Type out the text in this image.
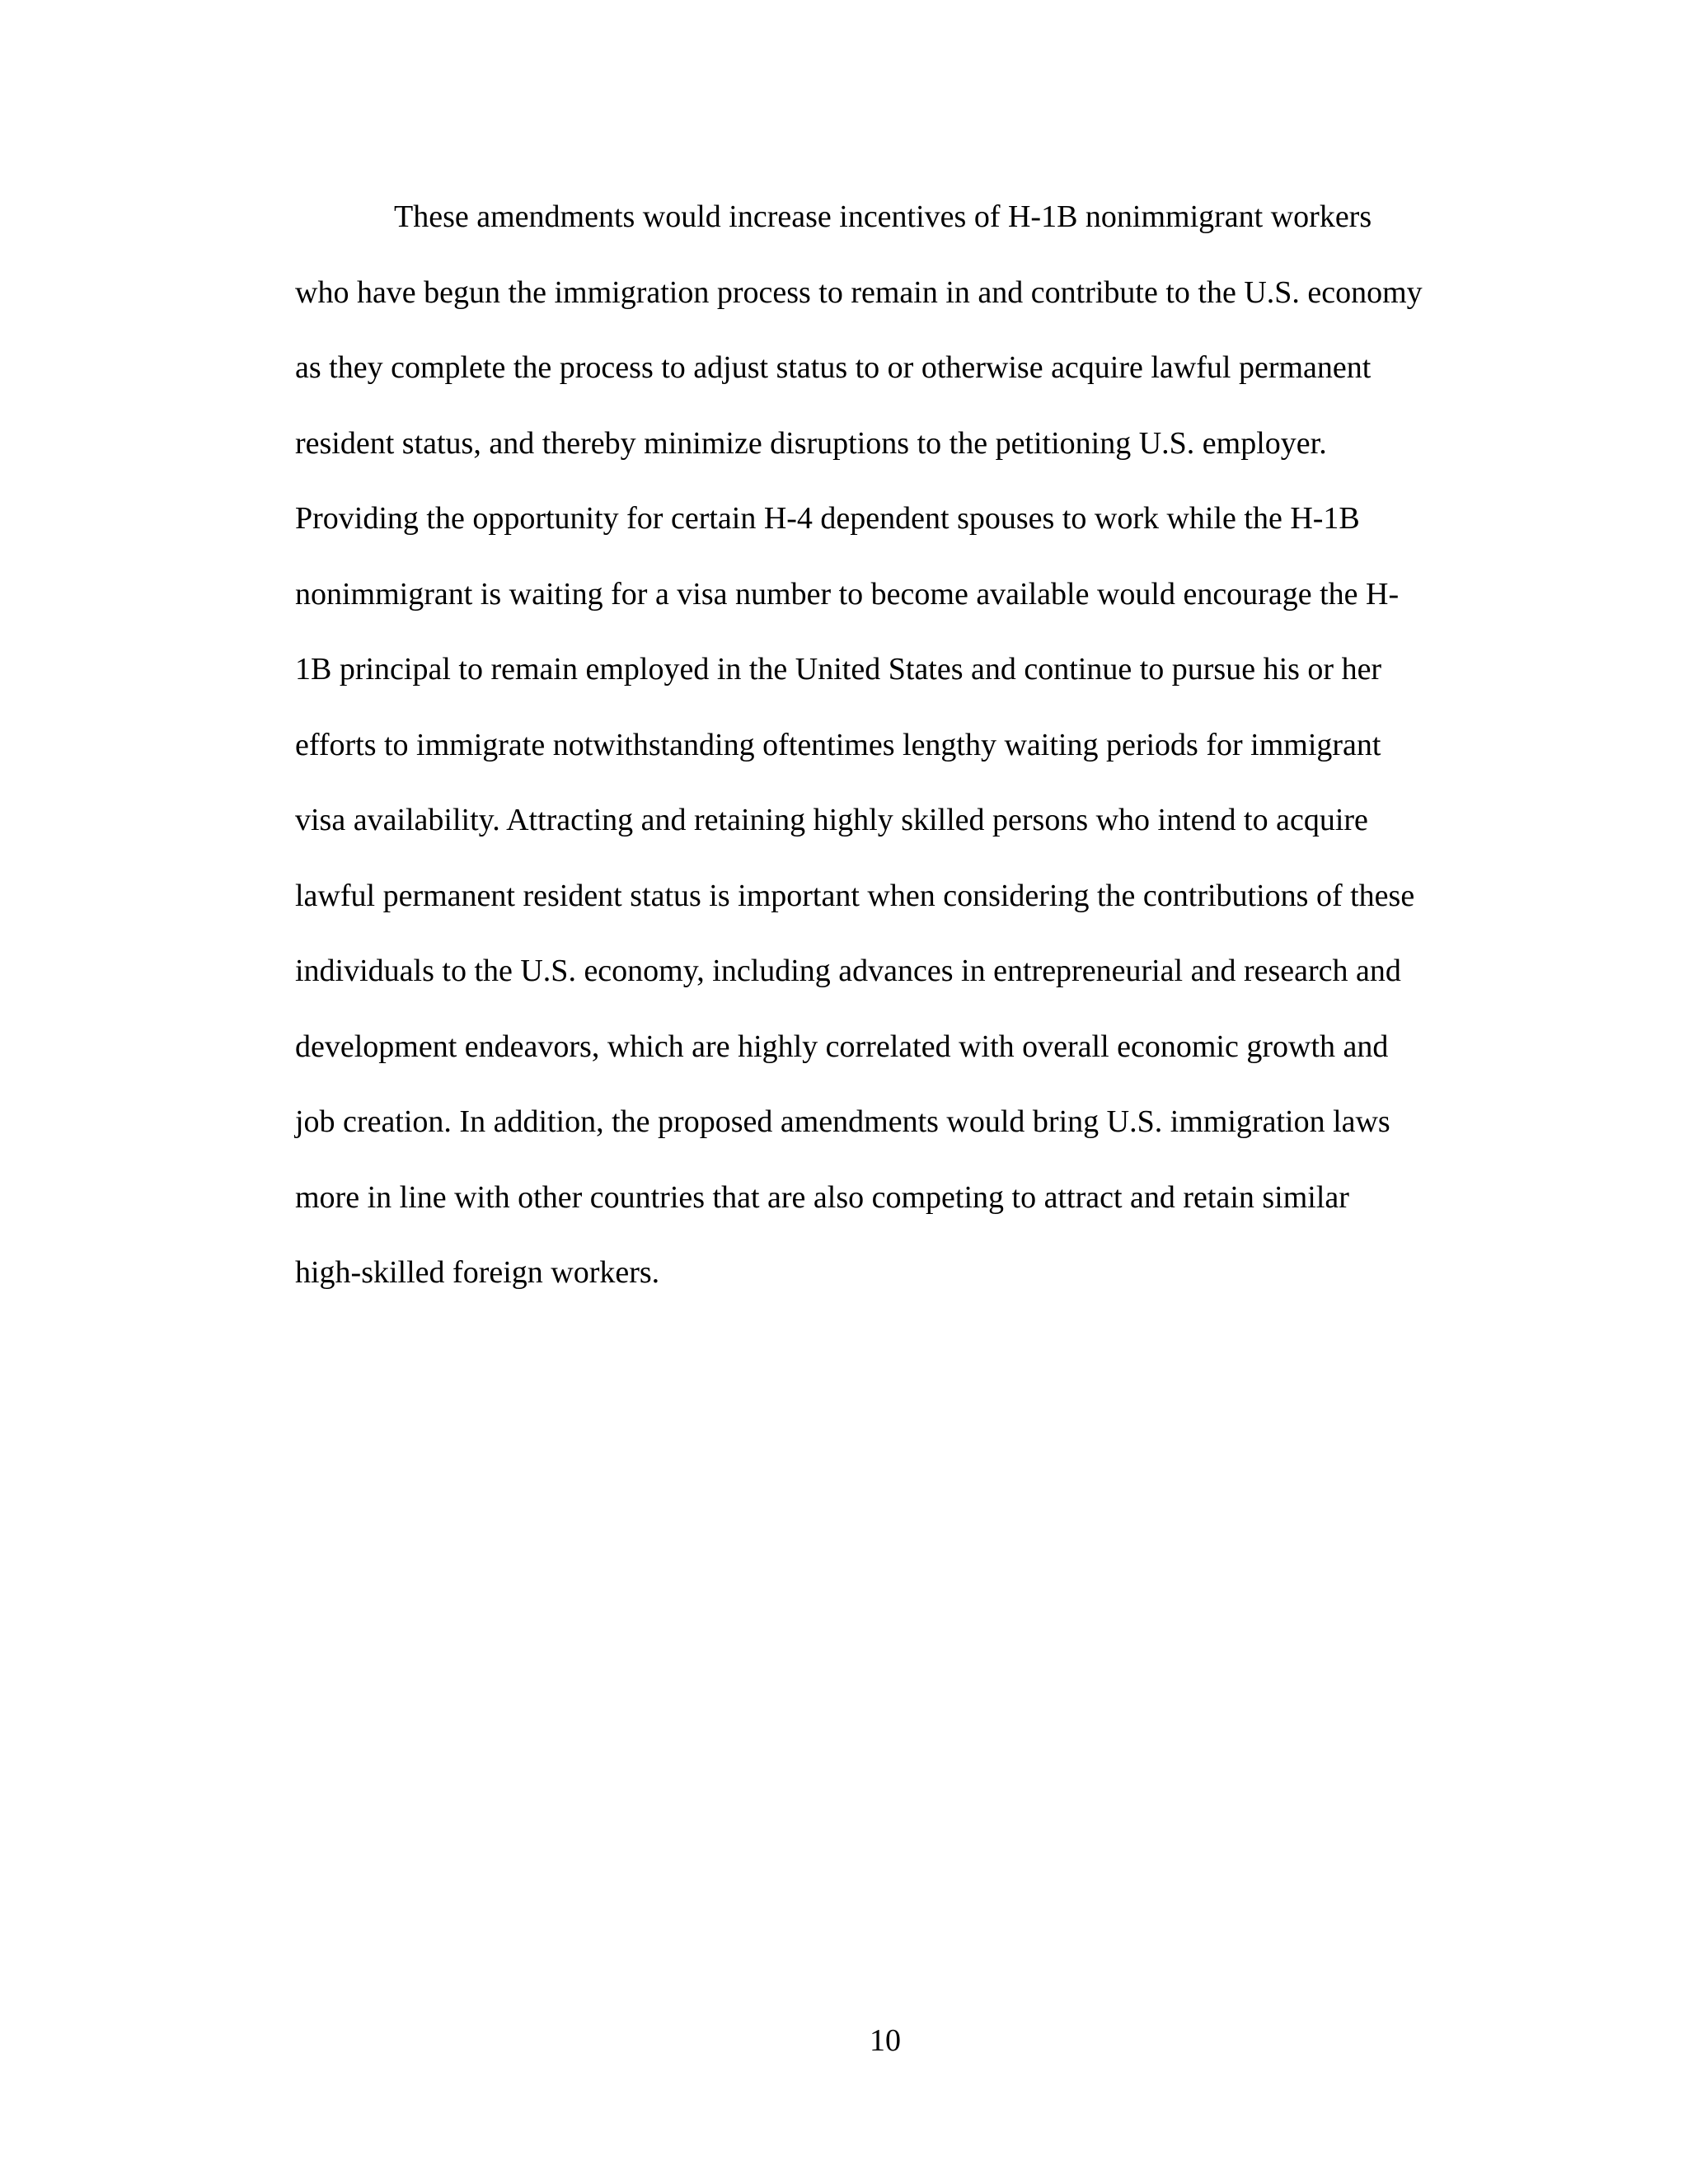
These amendments would increase incentives of H-1B nonimmigrant workers
who have begun the immigration process to remain in and contribute to the U.S. economy
as they complete the process to adjust status to or otherwise acquire lawful permanent
resident status, and thereby minimize disruptions to the petitioning U.S. employer.
Providing the opportunity for certain H-4 dependent spouses to work while the H-1B
nonimmigrant is waiting for a visa number to become available would encourage the H-
1B principal to remain employed in the United States and continue to pursue his or her
efforts to immigrate notwithstanding oftentimes lengthy waiting periods for immigrant
visa availability. Attracting and retaining highly skilled persons who intend to acquire
lawful permanent resident status is important when considering the contributions of these
individuals to the U.S. economy, including advances in entrepreneurial and research and
development endeavors, which are highly correlated with overall economic growth and
job creation. In addition, the proposed amendments would bring U.S. immigration laws
more in line with other countries that are also competing to attract and retain similar
high-skilled foreign workers.
10
